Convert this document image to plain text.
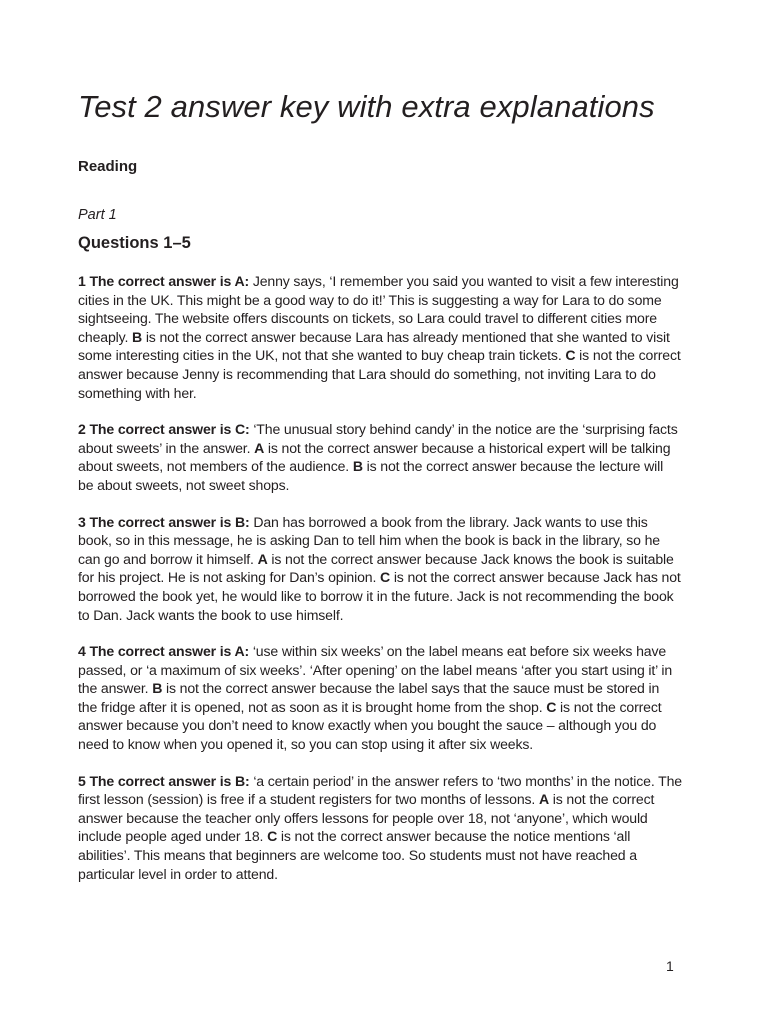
Test 2 answer key with extra explanations
Reading

Part 1

Questions 1–5

1 The correct answer is A: Jenny says, ‘I remember you said you wanted to visit a few interesting cities in the UK. This might be a good way to do it!’ This is suggesting a way for Lara to do some sightseeing. The website offers discounts on tickets, so Lara could travel to different cities more cheaply. B is not the correct answer because Lara has already mentioned that she wanted to visit some interesting cities in the UK, not that she wanted to buy cheap train tickets. C is not the correct answer because Jenny is recommending that Lara should do something, not inviting Lara to do something with her.

2 The correct answer is C: ‘The unusual story behind candy’ in the notice are the ‘surprising facts about sweets’ in the answer. A is not the correct answer because a historical expert will be talking about sweets, not members of the audience. B is not the correct answer because the lecture will be about sweets, not sweet shops.

3 The correct answer is B: Dan has borrowed a book from the library. Jack wants to use this book, so in this message, he is asking Dan to tell him when the book is back in the library, so he can go and borrow it himself. A is not the correct answer because Jack knows the book is suitable for his project. He is not asking for Dan’s opinion. C is not the correct answer because Jack has not borrowed the book yet, he would like to borrow it in the future. Jack is not recommending the book to Dan. Jack wants the book to use himself.

4 The correct answer is A: ‘use within six weeks’ on the label means eat before six weeks have passed, or ‘a maximum of six weeks’. ‘After opening’ on the label means ‘after you start using it’ in the answer. B is not the correct answer because the label says that the sauce must be stored in the fridge after it is opened, not as soon as it is brought home from the shop. C is not the correct answer because you don’t need to know exactly when you bought the sauce – although you do need to know when you opened it, so you can stop using it after six weeks.

5 The correct answer is B: ‘a certain period’ in the answer refers to ‘two months’ in the notice. The first lesson (session) is free if a student registers for two months of lessons. A is not the correct answer because the teacher only offers lessons for people over 18, not ‘anyone’, which would include people aged under 18. C is not the correct answer because the notice mentions ‘all abilities’. This means that beginners are welcome too. So students must not have reached a particular level in order to attend.

1
